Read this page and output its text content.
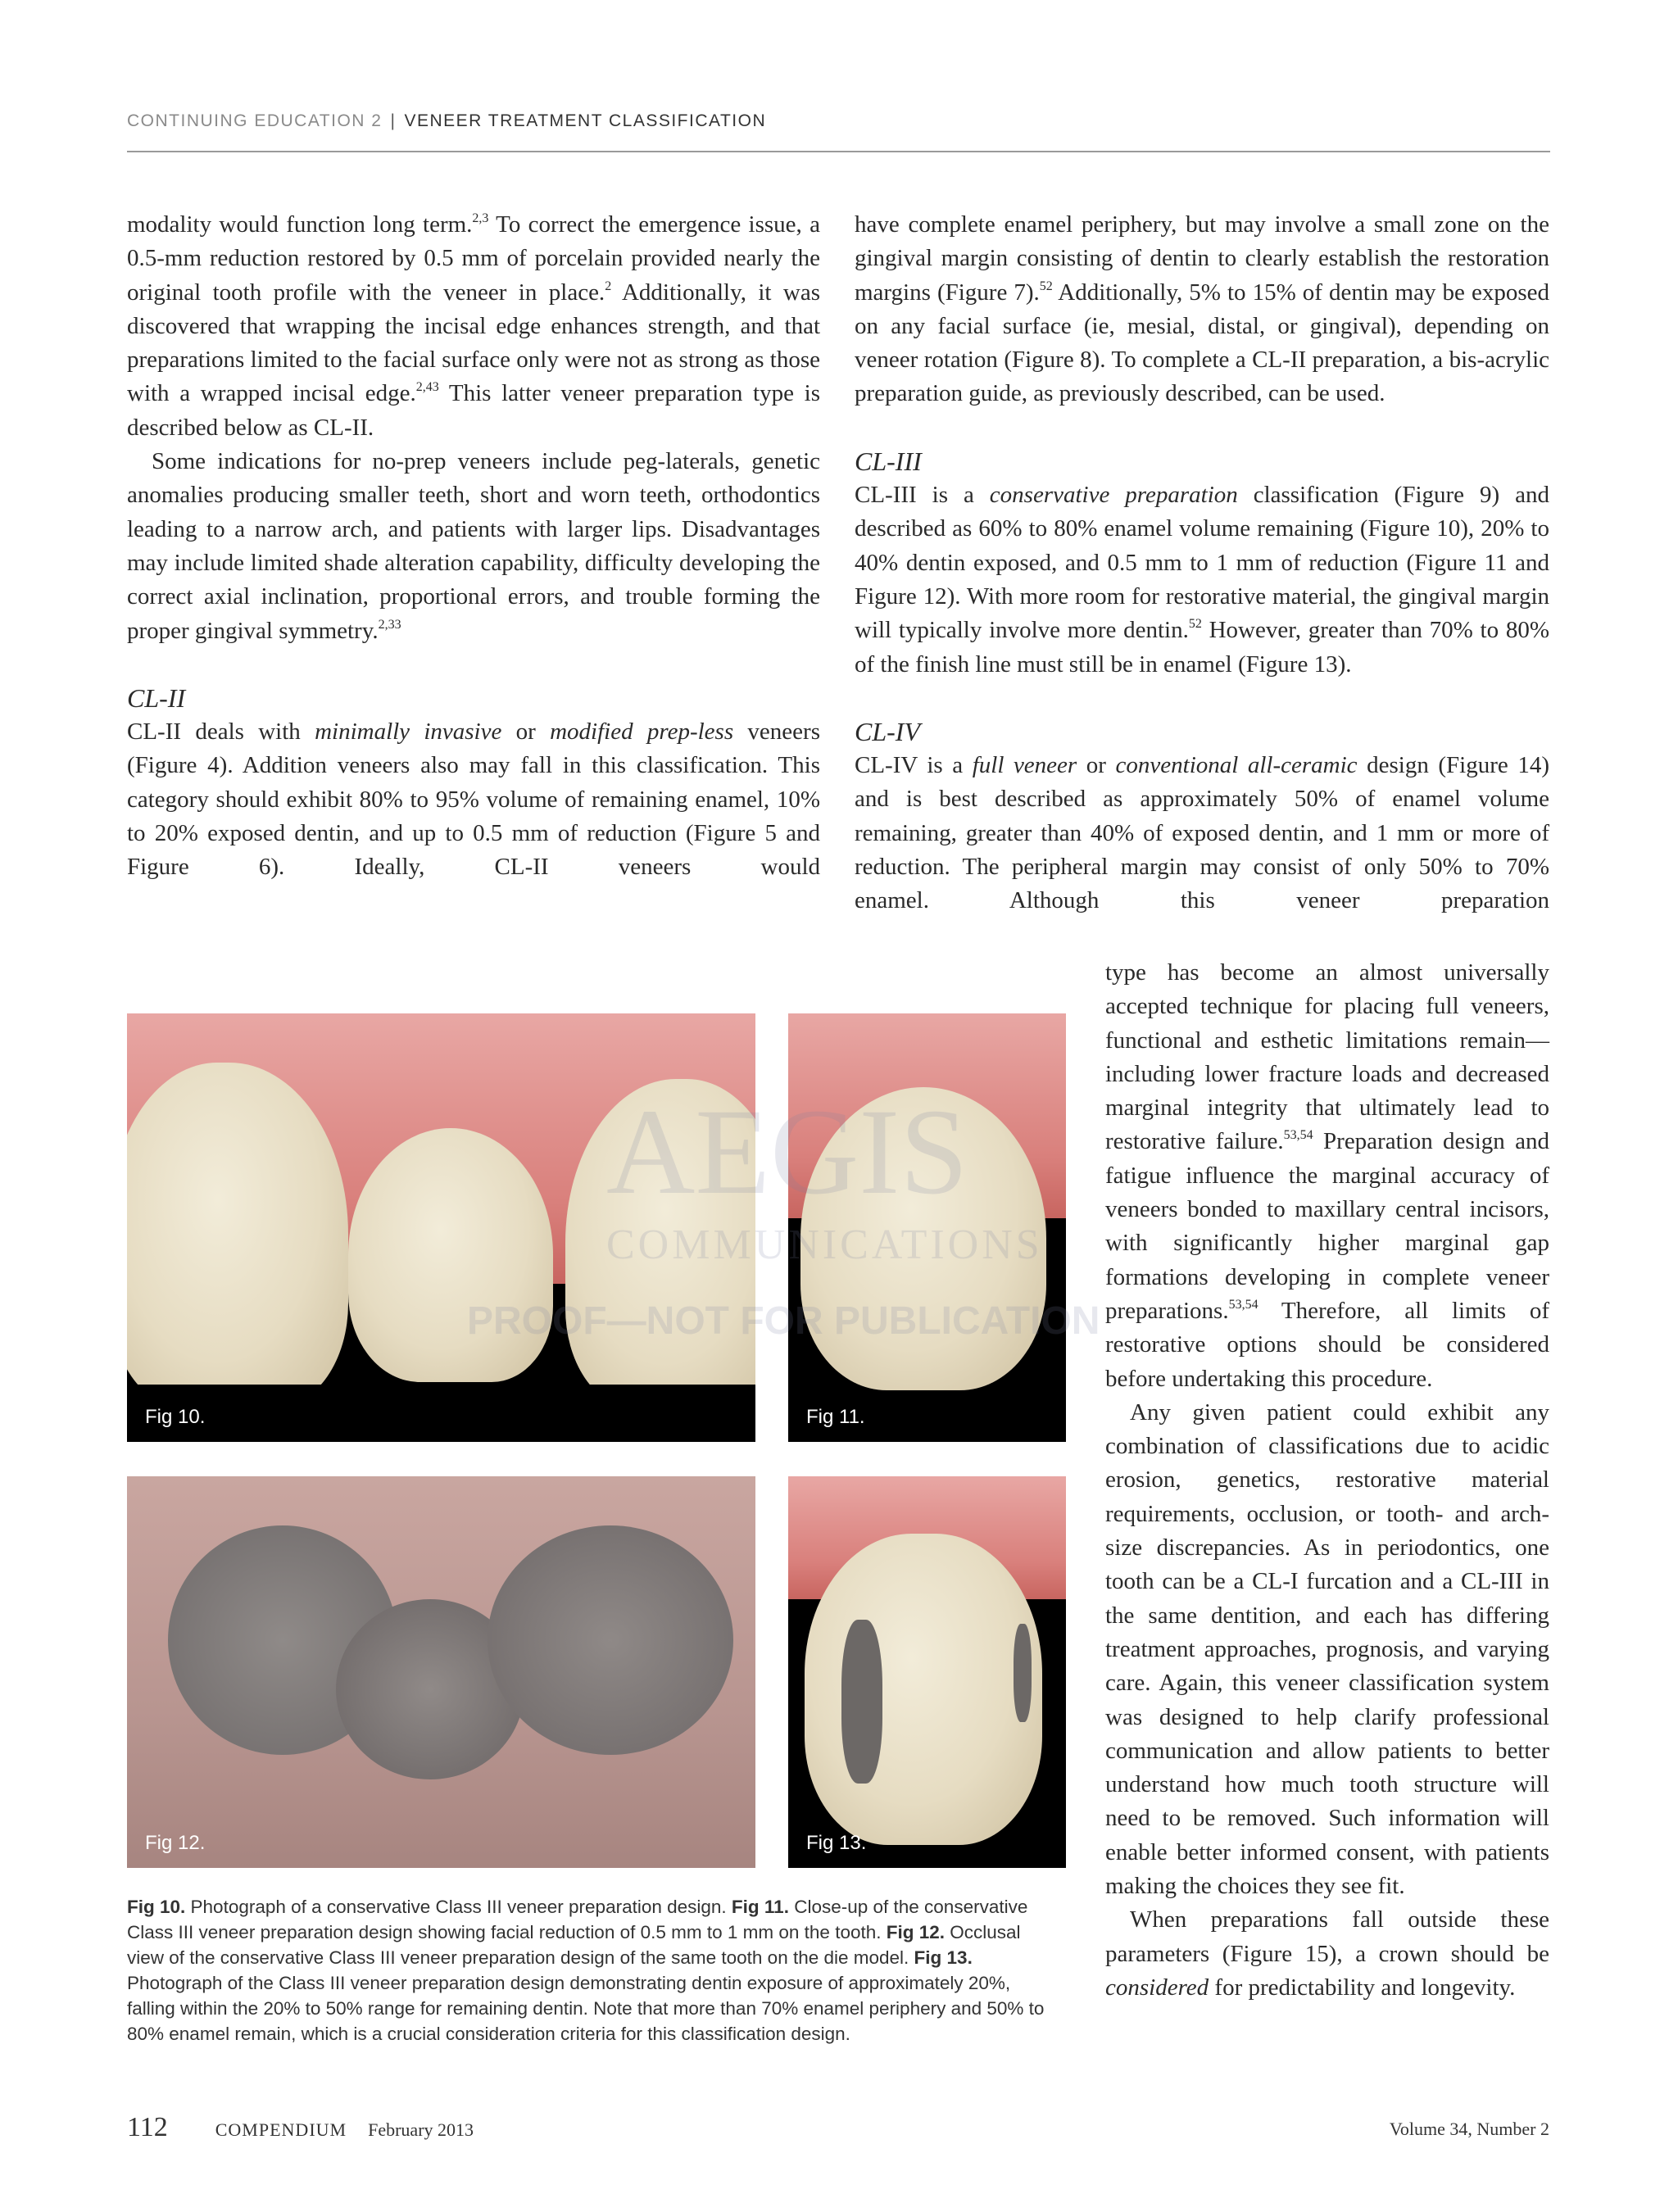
CONTINUING EDUCATION 2 | VENEER TREATMENT CLASSIFICATION

modality would function long term.$^{2,3}$ To correct the emergence issue, a 0.5-mm reduction restored by 0.5 mm of porcelain provided nearly the original tooth profile with the veneer in place.$^2$ Additionally, it was discovered that wrapping the incisal edge enhances strength, and that preparations limited to the facial surface only were not as strong as those with a wrapped incisal edge.$^{2,43}$ This latter veneer preparation type is described below as CL-II.

Some indications for no-prep veneers include peg-laterals, genetic anomalies producing smaller teeth, short and worn teeth, orthodontics leading to a narrow arch, and patients with larger lips. Disadvantages may include limited shade alteration capability, difficulty developing the correct axial inclination, proportional errors, and trouble forming the proper gingival symmetry.$^{2,33}$

CL-II

CL-II deals with minimally invasive or modified prep-less veneers (Figure 4). Addition veneers also may fall in this classification. This category should exhibit 80% to 95% volume of remaining enamel, 10% to 20% exposed dentin, and up to 0.5 mm of reduction (Figure 5 and Figure 6). Ideally, CL-II veneers would

have complete enamel periphery, but may involve a small zone on the gingival margin consisting of dentin to clearly establish the restoration margins (Figure 7).$^{52}$ Additionally, 5% to 15% of dentin may be exposed on any facial surface (ie, mesial, distal, or gingival), depending on veneer rotation (Figure 8). To complete a CL-II preparation, a bis-acrylic preparation guide, as previously described, can be used.

CL-III

CL-III is a conservative preparation classification (Figure 9) and described as 60% to 80% enamel volume remaining (Figure 10), 20% to 40% dentin exposed, and 0.5 mm to 1 mm of reduction (Figure 11 and Figure 12). With more room for restorative material, the gingival margin will typically involve more dentin.$^{52}$ However, greater than 70% to 80% of the finish line must still be in enamel (Figure 13).

CL-IV

CL-IV is a full veneer or conventional all-ceramic design (Figure 14) and is best described as approximately 50% of enamel volume remaining, greater than 40% of exposed dentin, and 1 mm or more of reduction. The peripheral margin may consist of only 50% to 70% enamel. Although this veneer preparation

type has become an almost universally accepted technique for placing full veneers, functional and esthetic limitations remain—including lower fracture loads and decreased marginal integrity that ultimately lead to restorative failure.$^{53,54}$ Preparation design and fatigue influence the marginal accuracy of veneers bonded to maxillary central incisors, with significantly higher marginal gap formations developing in complete veneer preparations.$^{53,54}$ Therefore, all limits of restorative options should be considered before undertaking this procedure.

Any given patient could exhibit any combination of classifications due to acidic erosion, genetics, restorative material requirements, occlusion, or tooth- and arch-size discrepancies. As in periodontics, one tooth can be a CL-I furcation and a CL-III in the same dentition, and each has differing treatment approaches, prognosis, and varying care. Again, this veneer classification system was designed to help clarify professional communication and allow patients to better understand how much tooth structure will need to be removed. Such information will enable better informed consent, with patients making the choices they see fit.

When preparations fall outside these parameters (Figure 15), a crown should be considered for predictability and longevity.

Fig 10.	Fig 11.
Fig 12.	Fig 13.
AEGIS
PROOF—NOT FOR PUBLICATION
Fig 10. Photograph of a conservative Class III veneer preparation design. Fig 11. Close-up of the conservative Class III veneer preparation design showing facial reduction of 0.5 mm to 1 mm on the tooth. Fig 12. Occlusal view of the conservative Class III veneer preparation design of the same tooth on the die model. Fig 13. Photograph of the Class III veneer preparation design demonstrating dentin exposure of approximately 20%, falling within the 20% to 50% range for remaining dentin. Note that more than 70% enamel periphery and 50% to 80% enamel remain, which is a crucial consideration criteria for this classification design.
112	COMPENDIUM February 2013	Volume 34, Number 2
